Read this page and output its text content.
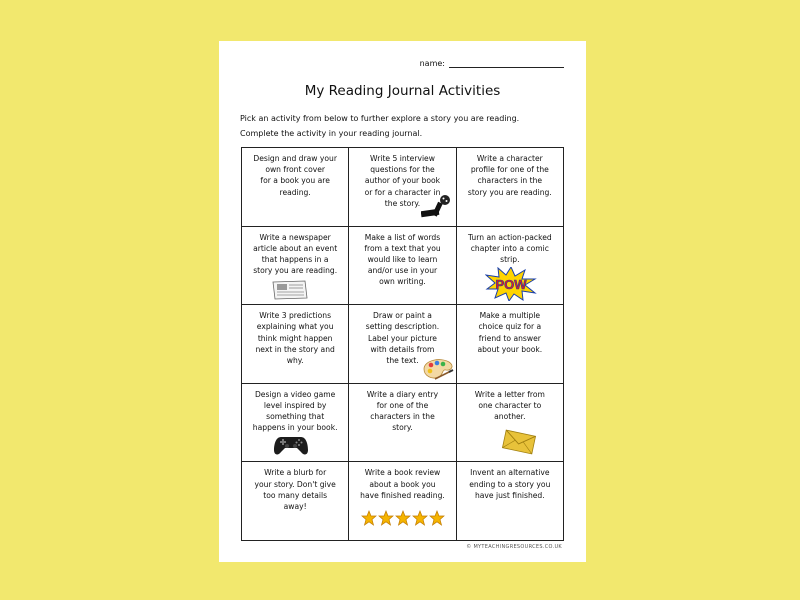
name:
My Reading Journal Activities
Pick an activity from below to further explore a story you are reading.
Complete the activity in your reading journal.
Design and draw your
own front cover
for a book you are
reading.
Write 5 interview
questions for the
author of your book
or for a character in
the story.
Write a character
profile for one of the
characters in the
story you are reading.
Write a newspaper
article about an event
that happens in a
story you are reading.
Make a list of words
from a text that you
would like to learn
and/or use in your
own writing.
Turn an action-packed
chapter into a comic
strip.
POW
Write 3 predictions
explaining what you
think might happen
next in the story and
why.
Draw or paint a
setting description.
Label your picture
with details from
the text.
Make a multiple
choice quiz for a
friend to answer
about your book.
Design a video game
level inspired by
something that
happens in your book.
Write a diary entry
for one of the
characters in the
story.
Write a letter from
one character to
another.
Write a blurb for
your story. Don't give
too many details
away!
Write a book review
about a book you
have finished reading.
Invent an alternative
ending to a story you
have just finished.
© MYTEACHINGRESOURCES.CO.UK
